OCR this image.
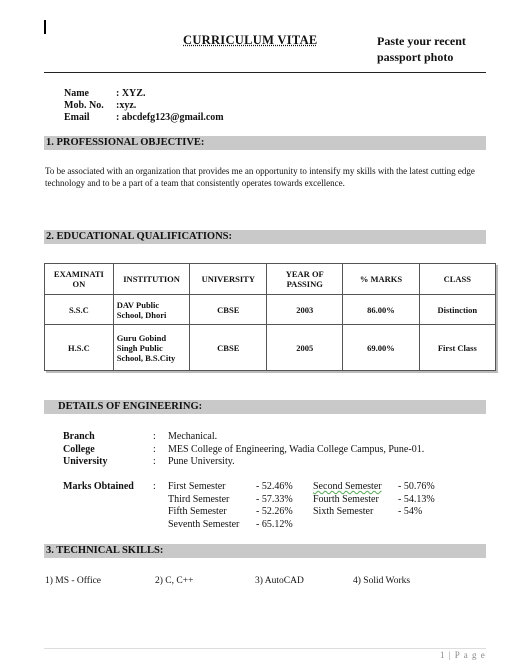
CURRICULUM VITAE	Paste your recent
passport photo
Name	: XYZ.
Mob. No.	:xyz.
Email	: abcdefg123@gmail.com
1. PROFESSIONAL OBJECTIVE:
To be associated with an organization that provides me an opportunity to intensify my skills with the latest cutting edge technology and to be a part of a team that consistently operates towards excellence.
2. EDUCATIONAL QUALIFICATIONS:
EXAMINATI ON	INSTITUTION	UNIVERSITY	YEAR OF PASSING	% MARKS	CLASS
S.S.C	DAV Public School, Dhori	CBSE	2003	86.00%	Distinction
H.S.C	Guru Gobind Singh Public School, B.S.City	CBSE	2005	69.00%	First Class
DETAILS OF ENGINEERING:
Branch	:	Mechanical.
College	:	MES College of Engineering, Wadia College Campus, Pune-01.
University	:	Pune University.
Marks Obtained : First Semester	- 52.46% Second Semester - 50.76%
Third Semester	- 57.33% Fourth Semester - 54.13%
Fifth Semester	- 52.26% Sixth Semester - 54%
Seventh Semester - 65.12%
3. TECHNICAL SKILLS:
1) MS - Office	2) C, C++	3) AutoCAD	4) Solid Works
1 | P a g e
